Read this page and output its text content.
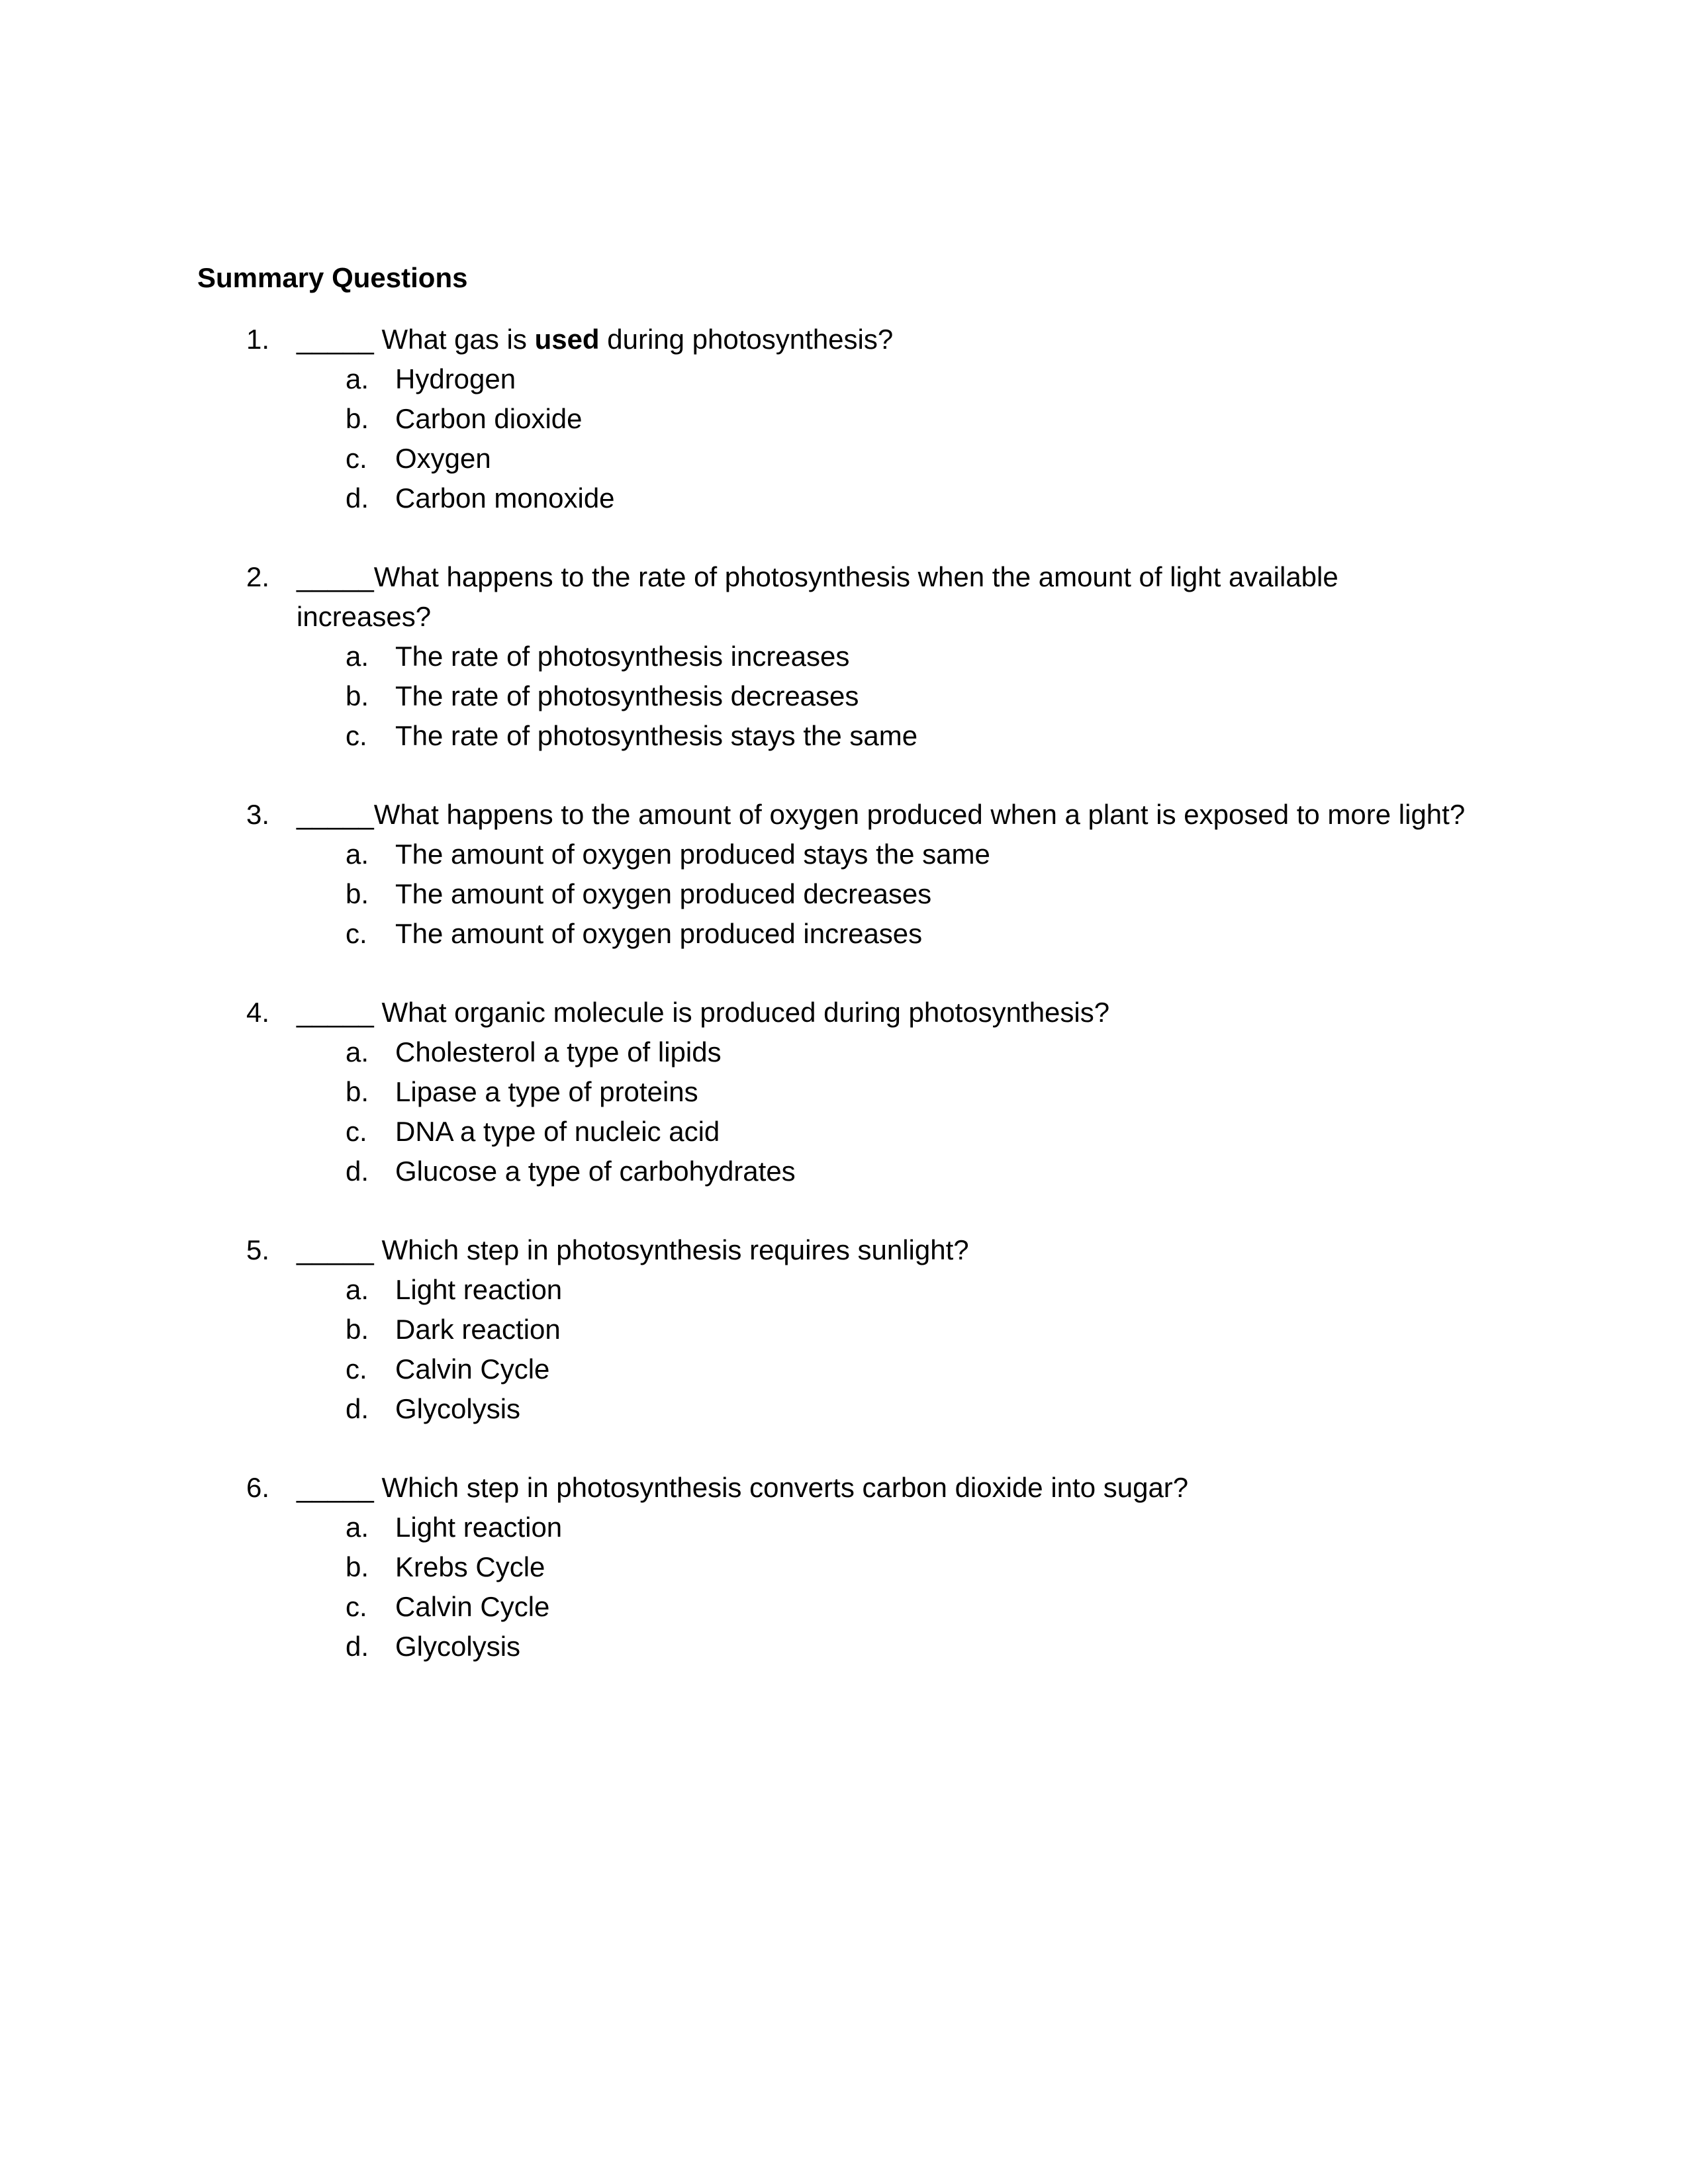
Summary Questions
1. _____ What gas is used during photosynthesis?
a. Hydrogen
b. Carbon dioxide
c. Oxygen
d. Carbon monoxide
2. _____What happens to the rate of photosynthesis when the amount of light available
increases?
a. The rate of photosynthesis increases
b. The rate of photosynthesis decreases
c. The rate of photosynthesis stays the same
3. _____What happens to the amount of oxygen produced when a plant is exposed to more light?
a. The amount of oxygen produced stays the same
b. The amount of oxygen produced decreases
c. The amount of oxygen produced increases
4. _____ What organic molecule is produced during photosynthesis?
a. Cholesterol a type of lipids
b. Lipase a type of proteins
c. DNA a type of nucleic acid
d. Glucose a type of carbohydrates
5. _____ Which step in photosynthesis requires sunlight?
a. Light reaction
b. Dark reaction
c. Calvin Cycle
d. Glycolysis
6. _____ Which step in photosynthesis converts carbon dioxide into sugar?
a. Light reaction
b. Krebs Cycle
c. Calvin Cycle
d. Glycolysis
